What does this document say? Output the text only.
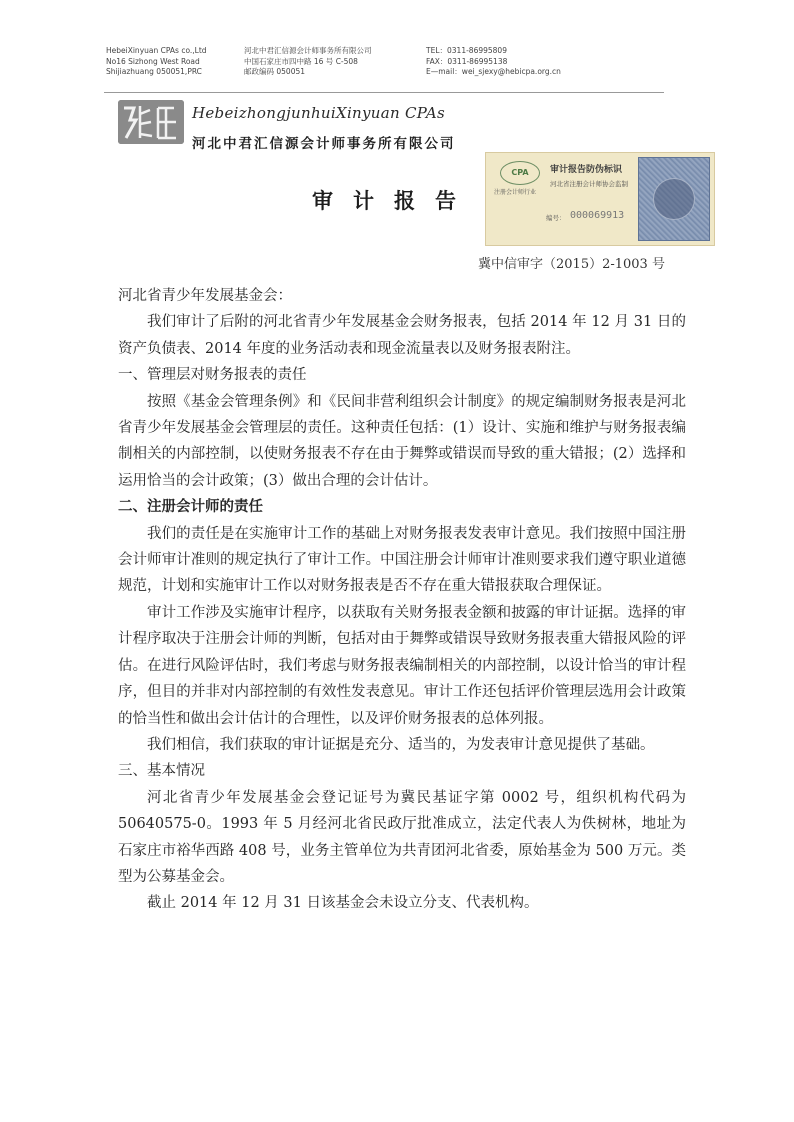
HebeiXinyuan CPAs co.,Ltd
No16 Sizhong West Road
Shijiazhuang 050051,PRC
河北中君汇信源会计师事务所有限公司
中国石家庄市四中路 16 号 C-508
邮政编码 050051
TEL：0311-86995809
FAX：0311-86995138
E—mail：wei_sjexy@hebicpa.org.cn
HebeizhongjunhuiXinyuan CPAs
河北中君汇信源会计师事务所有限公司
审计报告
CPA
注册会计师行业
审计报告防伪标识
河北省注册会计师协会监制
编号： 000069913
冀中信审字（2015）2-1003 号

河北省青少年发展基金会：

我们审计了后附的河北省青少年发展基金会财务报表，包括 2014 年 12 月 31 日的资产负债表、2014 年度的业务活动表和现金流量表以及财务报表附注。

一、管理层对财务报表的责任

按照《基金会管理条例》和《民间非营利组织会计制度》的规定编制财务报表是河北省青少年发展基金会管理层的责任。这种责任包括：(1）设计、实施和维护与财务报表编制相关的内部控制，以使财务报表不存在由于舞弊或错误而导致的重大错报；(2）选择和运用恰当的会计政策；(3）做出合理的会计估计。

二、注册会计师的责任

我们的责任是在实施审计工作的基础上对财务报表发表审计意见。我们按照中国注册会计师审计准则的规定执行了审计工作。中国注册会计师审计准则要求我们遵守职业道德规范，计划和实施审计工作以对财务报表是否不存在重大错报获取合理保证。

审计工作涉及实施审计程序，以获取有关财务报表金额和披露的审计证据。选择的审计程序取决于注册会计师的判断，包括对由于舞弊或错误导致财务报表重大错报风险的评估。在进行风险评估时，我们考虑与财务报表编制相关的内部控制，以设计恰当的审计程序，但目的并非对内部控制的有效性发表意见。审计工作还包括评价管理层选用会计政策的恰当性和做出会计估计的合理性，以及评价财务报表的总体列报。

我们相信，我们获取的审计证据是充分、适当的，为发表审计意见提供了基础。

三、基本情况

河北省青少年发展基金会登记证号为冀民基证字第 0002 号，组织机构代码为 50640575-0。1993 年 5 月经河北省民政厅批准成立，法定代表人为佚树林，地址为石家庄市裕华西路 408 号，业务主管单位为共青团河北省委，原始基金为 500 万元。类型为公募基金会。

截止 2014 年 12 月 31 日该基金会未设立分支、代表机构。
